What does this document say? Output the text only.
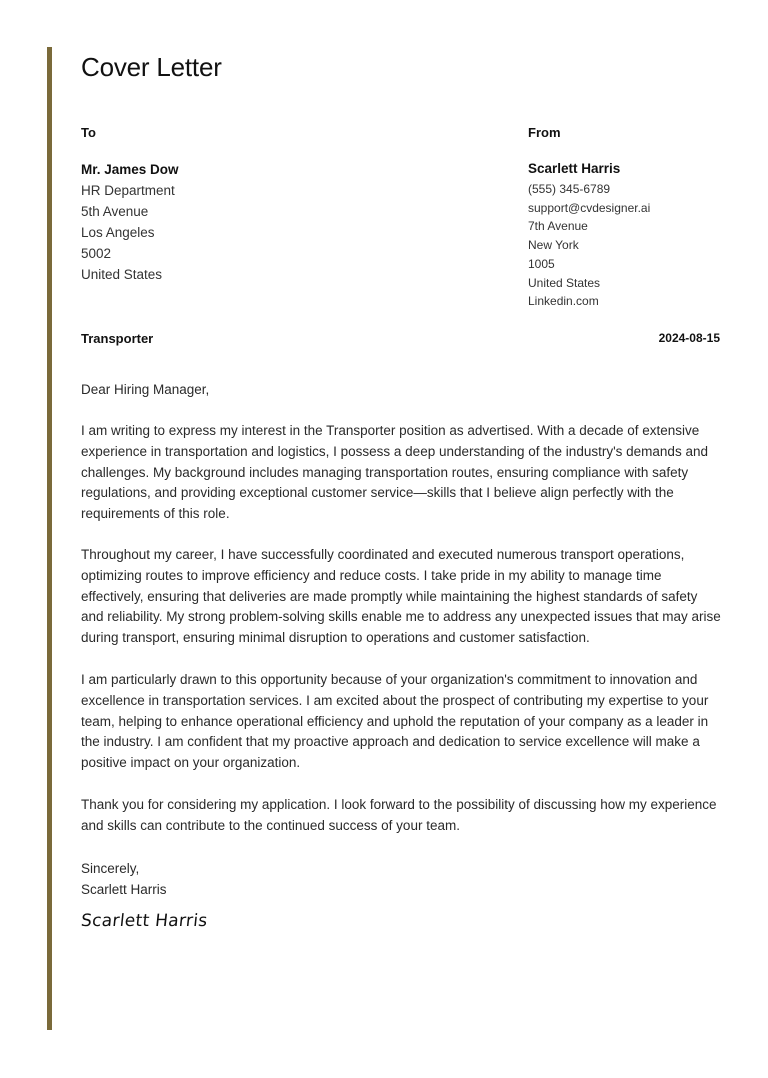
Cover Letter
To	From
Mr. James Dow
HR Department
5th Avenue
Los Angeles
5002
United States
Scarlett Harris
(555) 345-6789
support@cvdesigner.ai
7th Avenue
New York
1005
United States
Linkedin.com
Transporter	2024-08-15
Dear Hiring Manager,

I am writing to express my interest in the Transporter position as advertised. With a decade of extensive experience in transportation and logistics, I possess a deep understanding of the industry's demands and challenges. My background includes managing transportation routes, ensuring compliance with safety regulations, and providing exceptional customer service—skills that I believe align perfectly with the requirements of this role.

Throughout my career, I have successfully coordinated and executed numerous transport operations, optimizing routes to improve efficiency and reduce costs. I take pride in my ability to manage time effectively, ensuring that deliveries are made promptly while maintaining the highest standards of safety and reliability. My strong problem-solving skills enable me to address any unexpected issues that may arise during transport, ensuring minimal disruption to operations and customer satisfaction.

I am particularly drawn to this opportunity because of your organization's commitment to innovation and excellence in transportation services. I am excited about the prospect of contributing my expertise to your team, helping to enhance operational efficiency and uphold the reputation of your company as a leader in the industry. I am confident that my proactive approach and dedication to service excellence will make a positive impact on your organization.

Thank you for considering my application. I look forward to the possibility of discussing how my experience and skills can contribute to the continued success of your team.

Sincerely,
Scarlett Harris
Scarlett Harris
